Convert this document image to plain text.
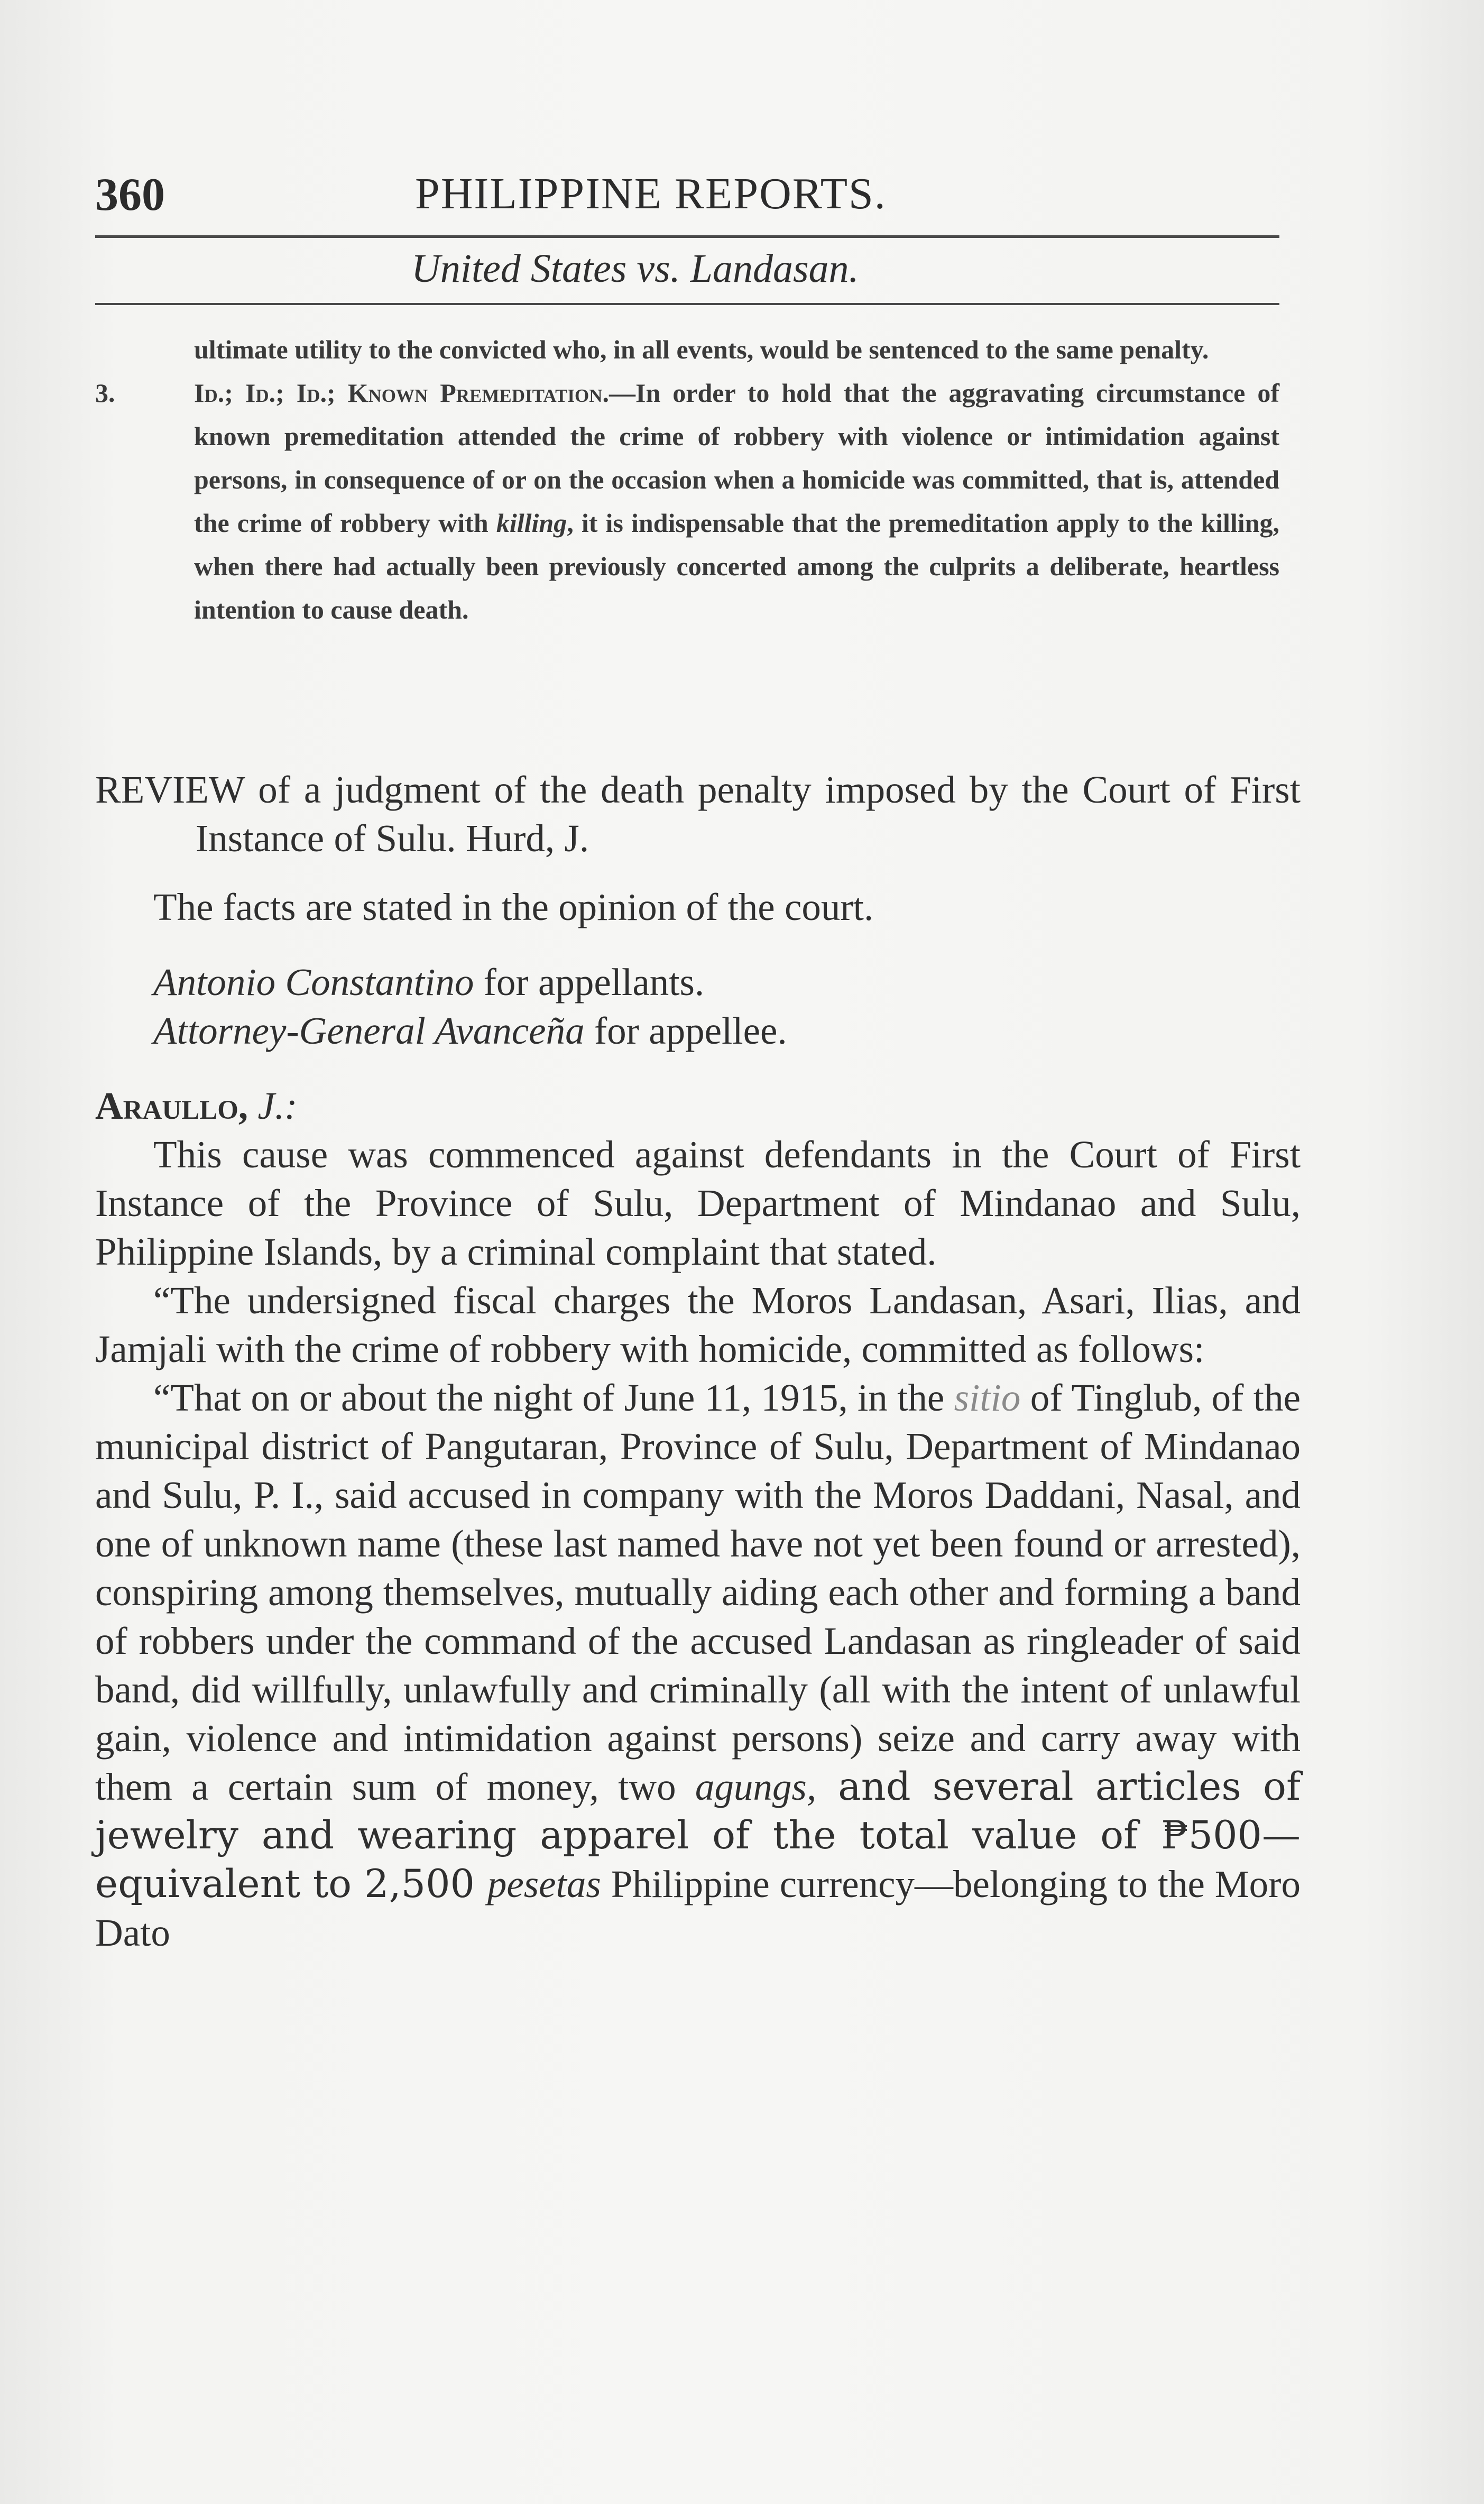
360	PHILIPPINE REPORTS.
United States vs. Landasan.

ultimate utility to the convicted who, in all events, would be sentenced to the same penalty.

3.	Id.; Id.; Id.; Known Premeditation.—In order to hold that the aggravating circumstance of known premeditation attended the crime of robbery with violence or intimidation against persons, in consequence of or on the occasion when a homicide was committed, that is, attended the crime of robbery with killing, it is indispensable that the premeditation apply to the killing, when there had actually been previously concerted among the culprits a deliberate, heartless intention to cause death.

REVIEW of a judgment of the death penalty imposed by the Court of First Instance of Sulu. Hurd, J.

The facts are stated in the opinion of the court.

Antonio Constantino for appellants.

Attorney-General Avanceña for appellee.

Araullo, J.:

This cause was commenced against defendants in the Court of First Instance of the Province of Sulu, Department of Mindanao and Sulu, Philippine Islands, by a criminal complaint that stated.

“The undersigned fiscal charges the Moros Landasan, Asari, Ilias, and Jamjali with the crime of robbery with homicide, committed as follows:

“That on or about the night of June 11, 1915, in the sitio of Tinglub, of the municipal district of Pangutaran, Province of Sulu, Department of Mindanao and Sulu, P. I., said accused in company with the Moros Daddani, Nasal, and one of unknown name (these last named have not yet been found or arrested), conspiring among themselves, mutually aiding each other and forming a band of robbers under the command of the accused Landasan as ringleader of said band, did willfully, unlawfully and criminally (all with the intent of unlawful gain, violence and intimidation against persons) seize and carry away with them a certain sum of money, two agungs, and several articles of jewelry and wearing apparel of the total value of ₱500—equivalent to 2,500 pesetas Philippine currency—belonging to the Moro Dato
